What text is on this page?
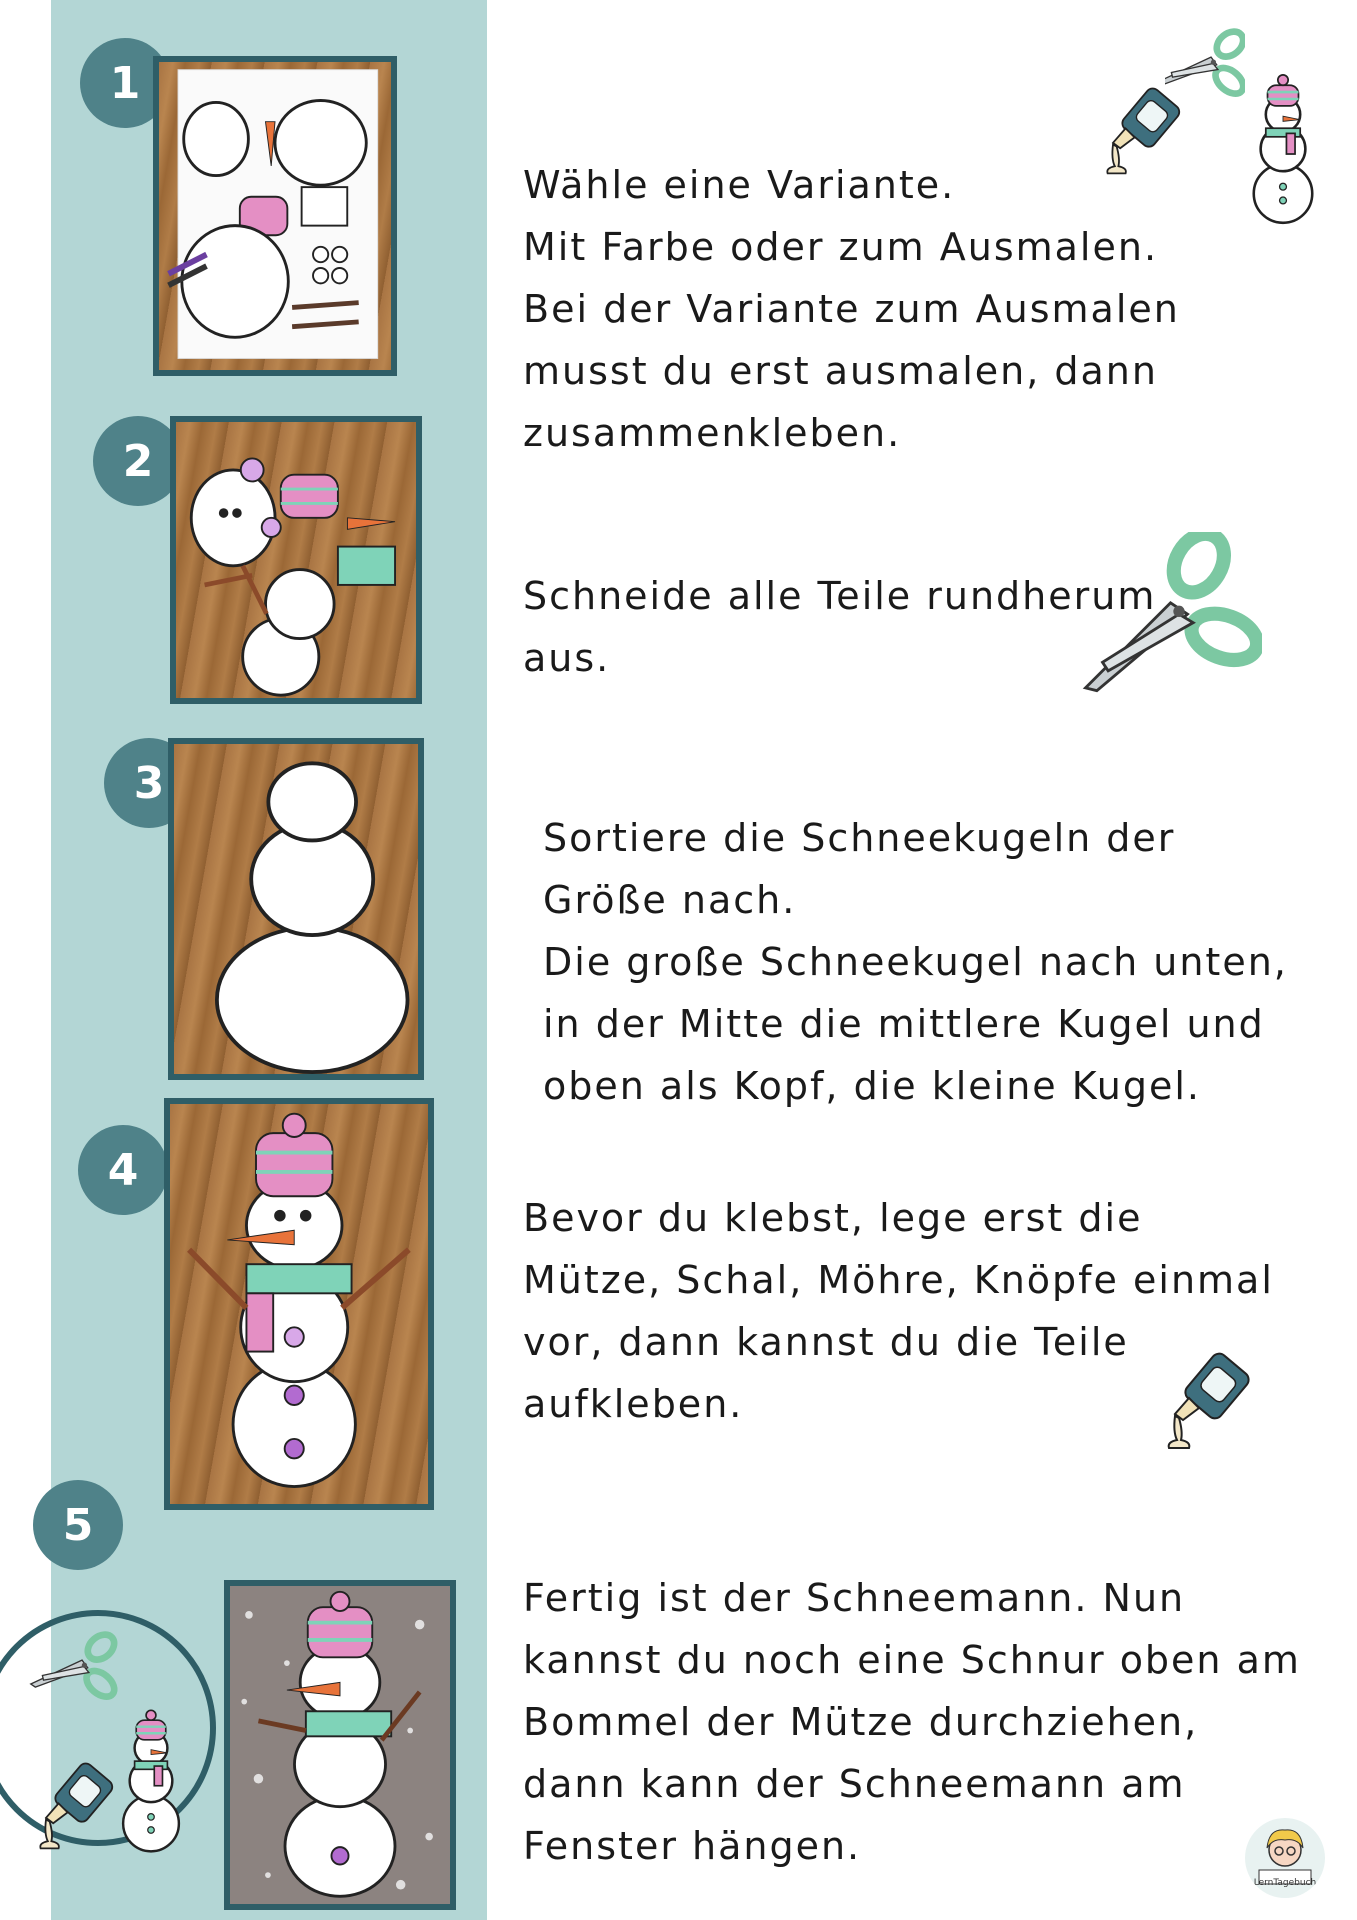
1

Wähle eine Variante.
Mit Farbe oder zum Ausmalen.
Bei der Variante zum Ausmalen
musst du erst ausmalen, dann
zusammenkleben.

2

Schneide alle Teile rundherum
aus.

3

Sortiere die Schneekugeln der
Größe nach.
Die große Schneekugel nach unten,
in der Mitte die mittlere Kugel und
oben als Kopf, die kleine Kugel.

4

Bevor du klebst, lege erst die
Mütze, Schal, Möhre, Knöpfe einmal
vor, dann kannst du die Teile
aufkleben.

5

Fertig ist der Schneemann. Nun
kannst du noch eine Schnur oben am
Bommel der Mütze durchziehen,
dann kann der Schneemann am
Fenster hängen.

LernTagebuch
